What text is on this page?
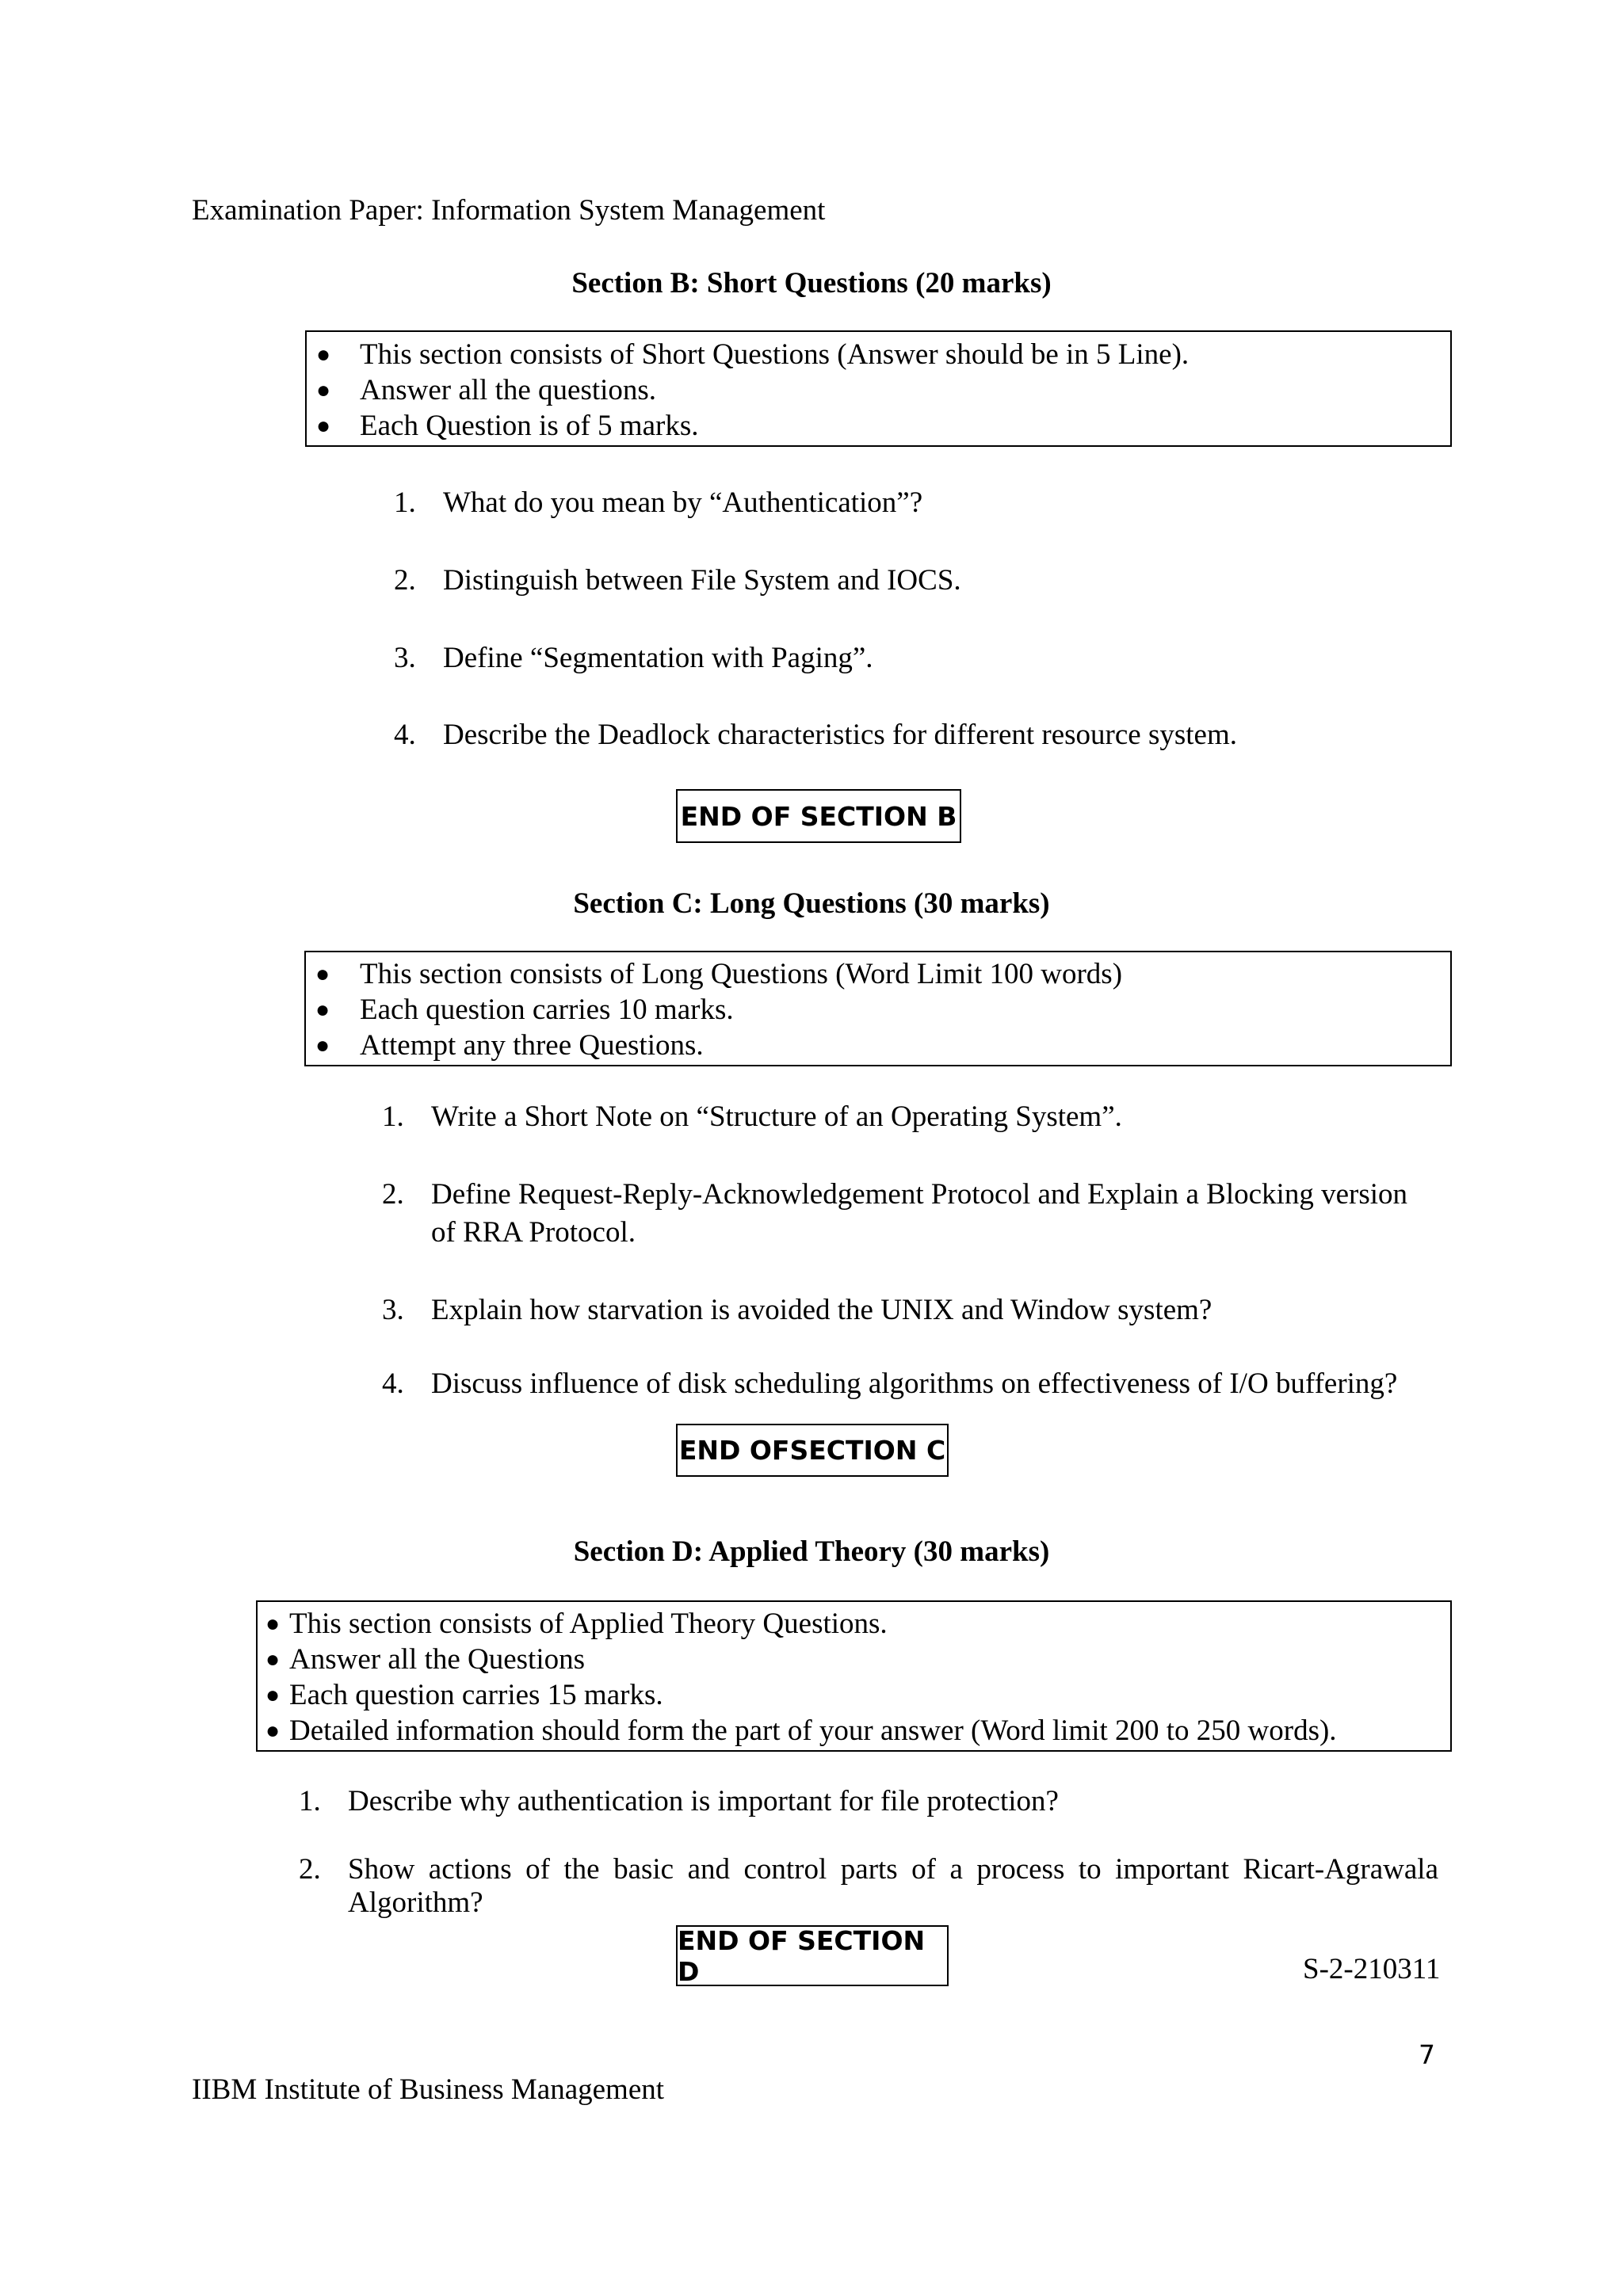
Examination Paper: Information System Management
Section B: Short Questions (20 marks)
● This section consists of Short Questions (Answer should be in 5 Line).

● Answer all the questions.

● Each Question is of 5 marks.

1. What do you mean by “Authentication”?
2. Distinguish between File System and IOCS.
3. Define “Segmentation with Paging”.
4. Describe the Deadlock characteristics for different resource system.
END OF SECTION B
Section C: Long Questions (30 marks)
● This section consists of Long Questions (Word Limit 100 words)

● Each question carries 10 marks.

● Attempt any three Questions.

1. Write a Short Note on “Structure of an Operating System”.
2. Define Request-Reply-Acknowledgement Protocol and Explain a Blocking version
of RRA Protocol.
3. Explain how starvation is avoided the UNIX and Window system?
4. Discuss influence of disk scheduling algorithms on effectiveness of I/O buffering?
END OFSECTION C
Section D: Applied Theory (30 marks)
● This section consists of Applied Theory Questions.

● Answer all the Questions

● Each question carries 15 marks.

● Detailed information should form the part of your answer (Word limit 200 to 250 words).

1. Describe why authentication is important for file protection?
2. Show actions of the basic and control parts of a process to important Ricart-Agrawala
Algorithm?
END OF SECTION D	S-2-210311
7
IIBM Institute of Business Management
